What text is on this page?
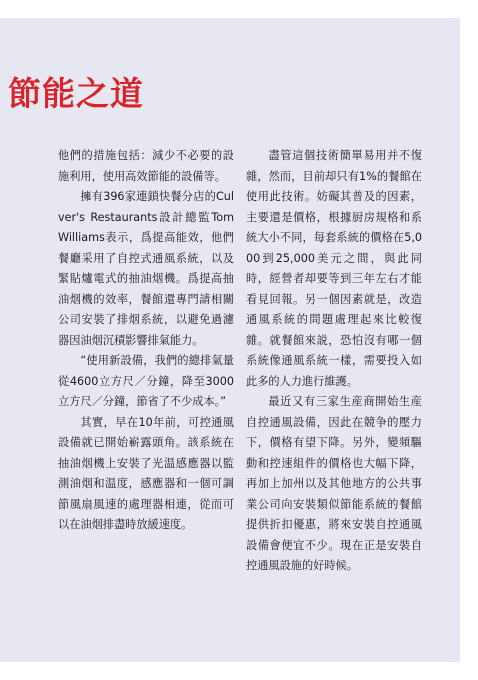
節能之道

他們的措施包括：減少不必要的設施利用，使用高效節能的設備等。

擁有396家連鎖快餐分店的Culver's Restaurants設計總監Tom Williams表示，爲提高能效，他們餐廳采用了自控式通風系統，以及緊貼爐電式的抽油烟機。爲提高抽油烟機的效率，餐館還專門請相關公司安裝了排烟系統，以避免過濾器因油烟沉積影響排氣能力。

“使用新設備，我們的總排氣量從4600立方尺／分鐘，降至3000立方尺／分鐘，節省了不少成本。”

其實，早在10年前，可控通風設備就已開始嶄露頭角。該系統在抽油烟機上安裝了光温感應器以監測油烟和温度，感應器和一個可調節風扇風速的處理器相連，從而可以在油烟排盡時放緩速度。

盡管這個技術簡單易用并不復雜，然而，目前却只有1%的餐館在使用此技術。妨礙其普及的因素，主要還是價格，根據厨房規格和系統大小不同，每套系統的價格在5,000到25,000美元之間，與此同時，經營者却要等到三年左右才能看見回報。另一個因素就是，改造通風系統的問題處理起來比較復雜。就餐館來説，恐怕沒有哪一個系統像通風系統一樣，需要投入如此多的人力進行維護。

最近又有三家生産商開始生産自控通風設備，因此在競争的壓力下，價格有望下降。另外，變頻驅動和控速組件的價格也大幅下降，再加上加州以及其他地方的公共事業公司向安裝類似節能系統的餐館提供折扣優惠，將來安裝自控通風設備會便宜不少。現在正是安裝自控通風設施的好時候。
